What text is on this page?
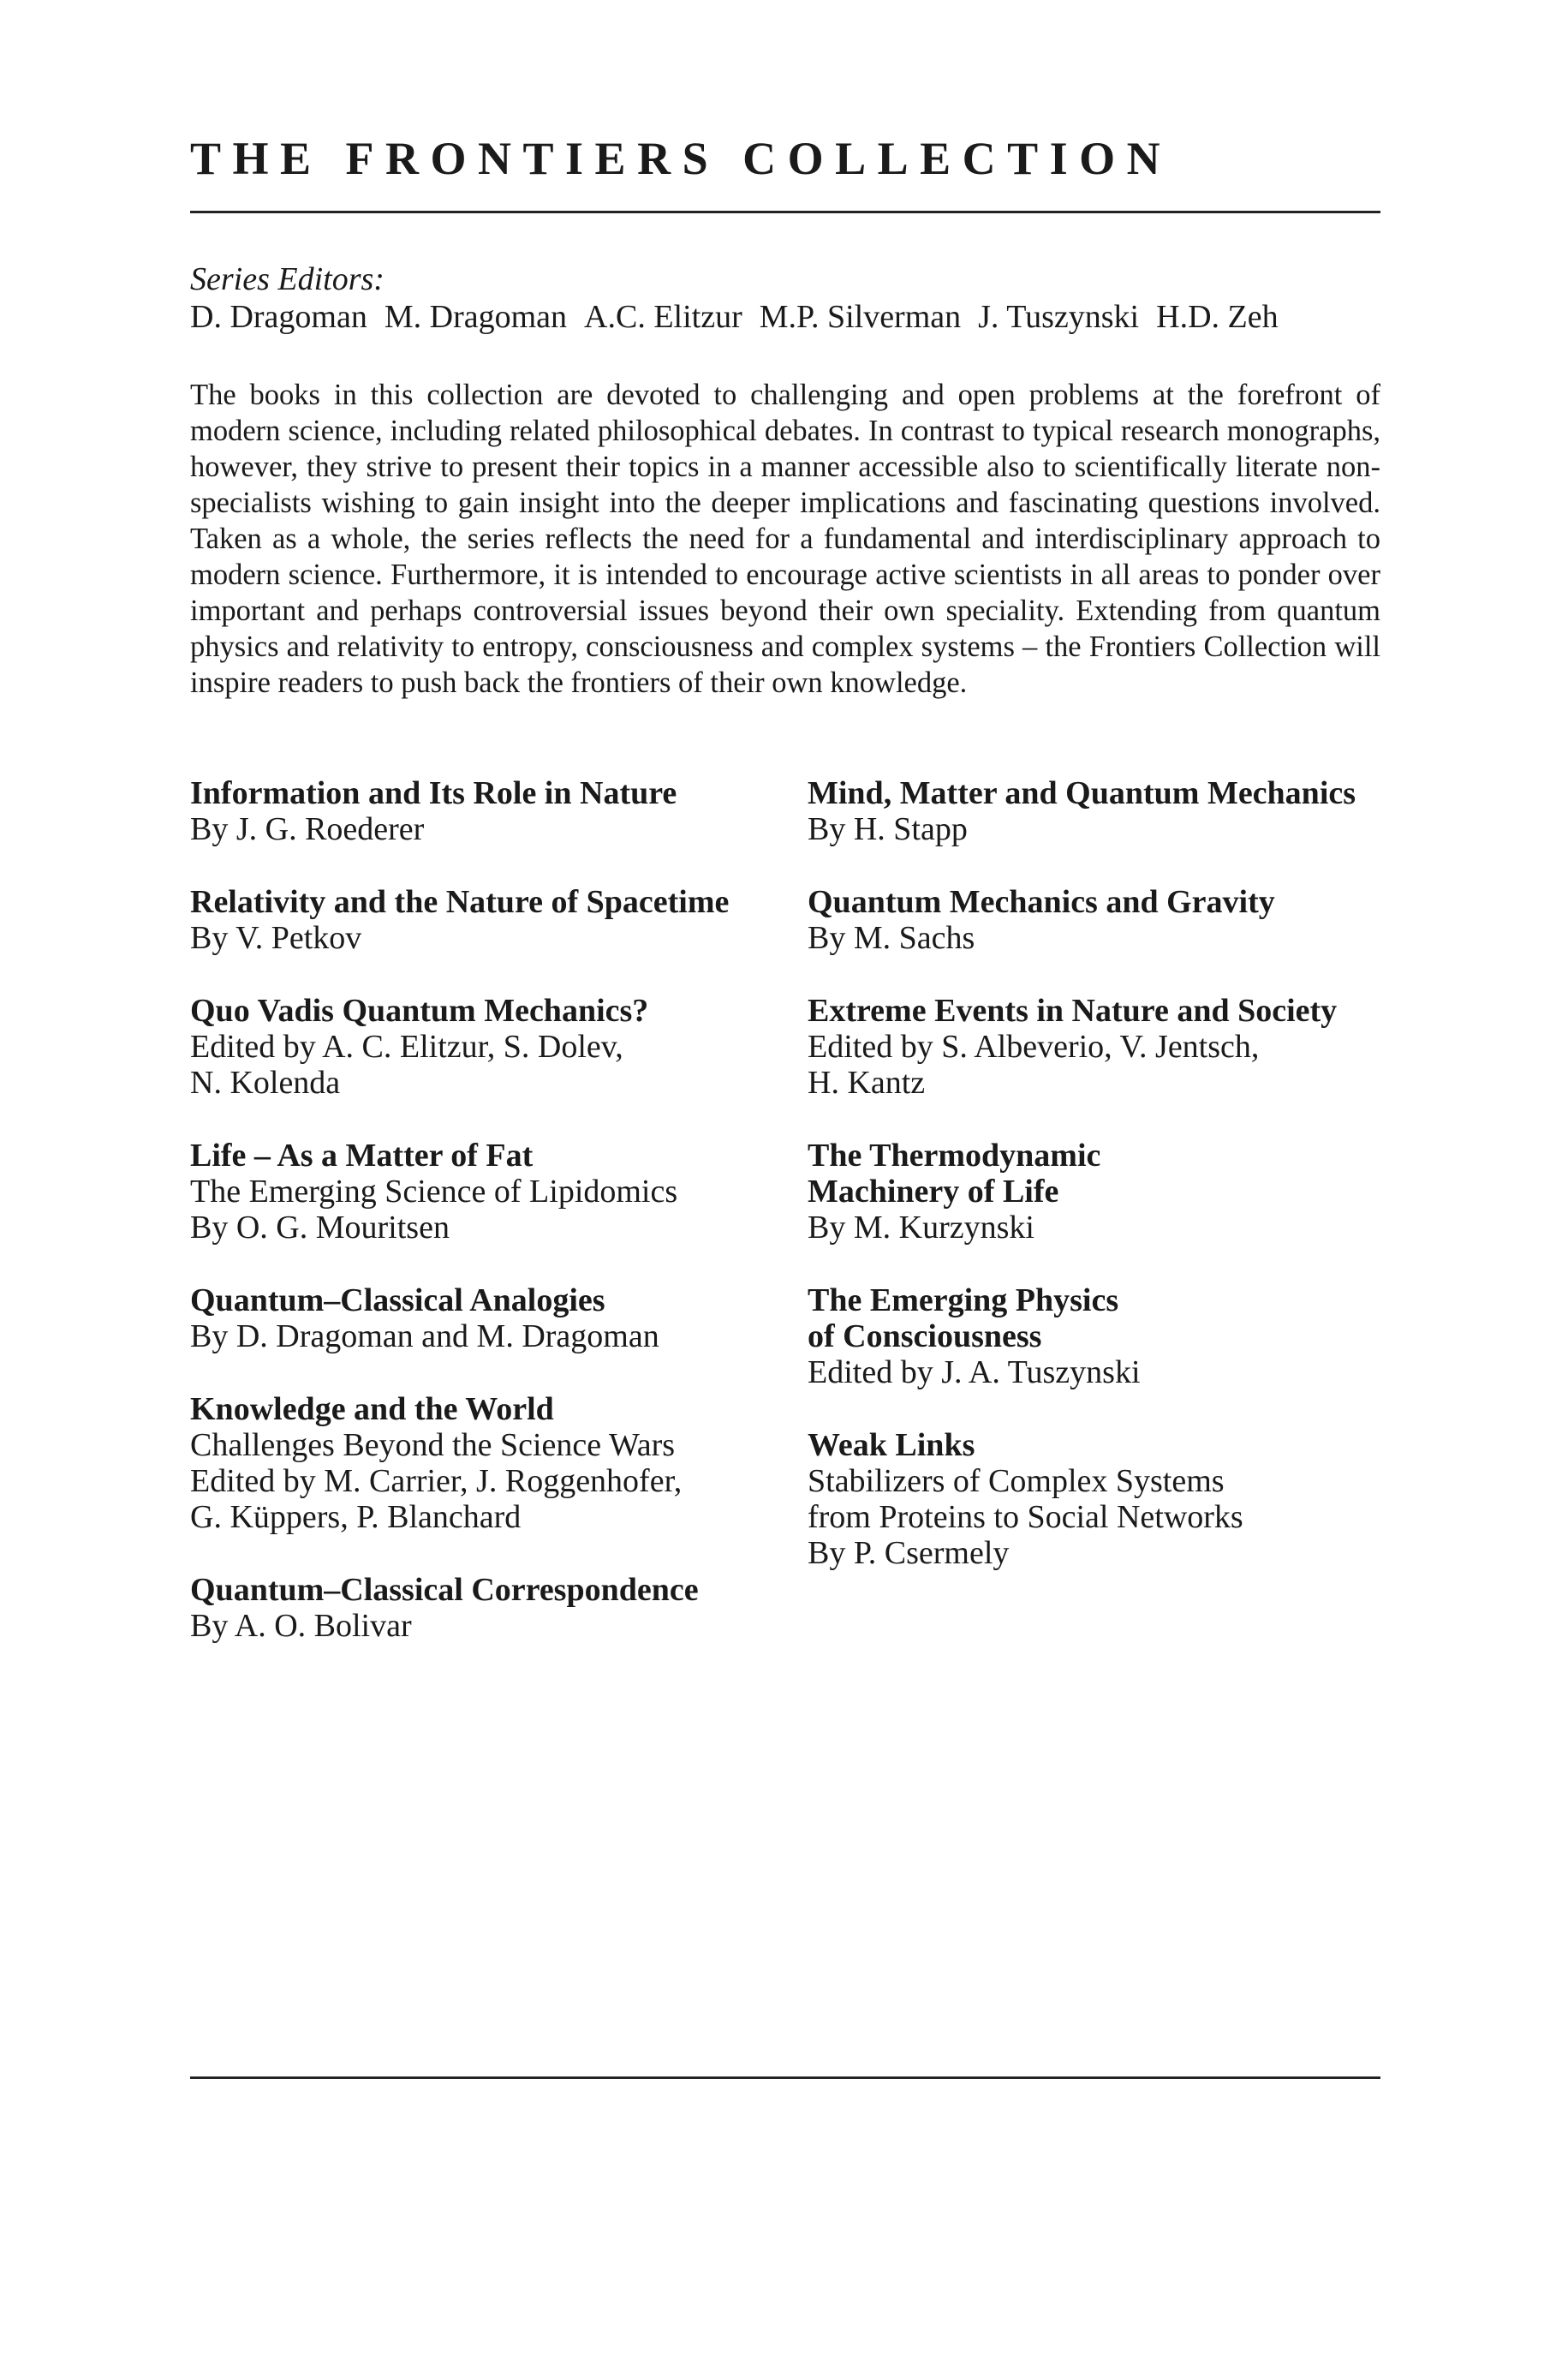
THE FRONTIERS COLLECTION
Series Editors:
D. Dragoman M. Dragoman A.C. Elitzur M.P. Silverman J. Tuszynski H.D. Zeh

The books in this collection are devoted to challenging and open problems at the forefront of modern science, including related philosophical debates. In contrast to typical research monographs, however, they strive to present their topics in a manner accessible also to scientifically literate non-specialists wishing to gain insight into the deeper implications and fascinating questions involved. Taken as a whole, the series reflects the need for a fundamental and interdisciplinary approach to modern science. Furthermore, it is intended to encourage active scientists in all areas to ponder over important and perhaps controversial issues beyond their own speciality. Extending from quantum physics and relativity to entropy, consciousness and complex systems – the Frontiers Collection will inspire readers to push back the frontiers of their own knowledge.

Information and Its Role in Nature
By J. G. Roederer
Relativity and the Nature of Spacetime
By V. Petkov
Quo Vadis Quantum Mechanics?
Edited by A. C. Elitzur, S. Dolev,
N. Kolenda
Life – As a Matter of Fat
The Emerging Science of Lipidomics
By O. G. Mouritsen
Quantum–Classical Analogies
By D. Dragoman and M. Dragoman
Knowledge and the World
Challenges Beyond the Science Wars
Edited by M. Carrier, J. Roggenhofer,
G. Küppers, P. Blanchard
Quantum–Classical Correspondence
By A. O. Bolivar
Mind, Matter and Quantum Mechanics
By H. Stapp
Quantum Mechanics and Gravity
By M. Sachs
Extreme Events in Nature and Society
Edited by S. Albeverio, V. Jentsch,
H. Kantz
The Thermodynamic
Machinery of Life
By M. Kurzynski
The Emerging Physics
of Consciousness
Edited by J. A. Tuszynski
Weak Links
Stabilizers of Complex Systems
from Proteins to Social Networks
By P. Csermely
